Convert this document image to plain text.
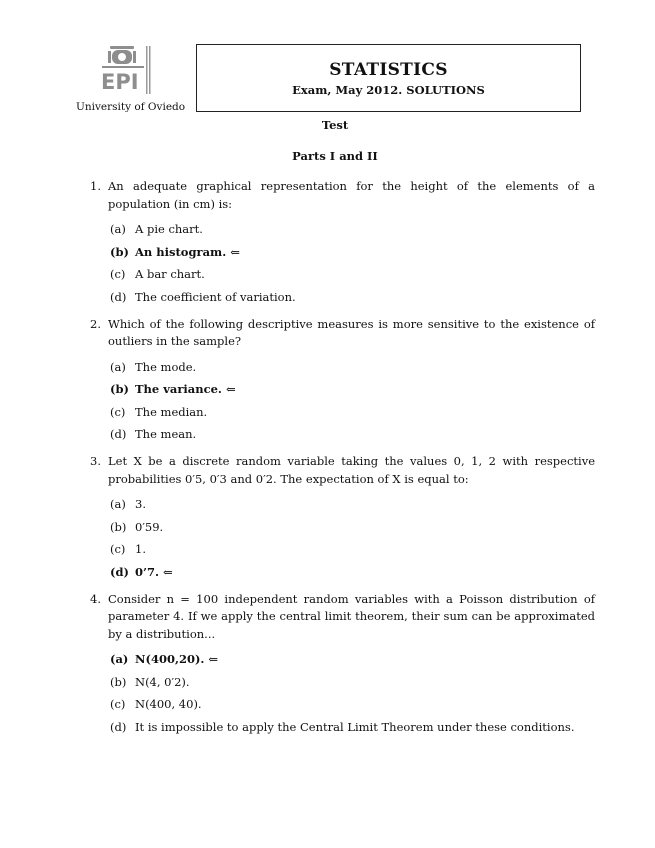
EPI
University of Oviedo
STATISTICS
Exam, May 2012. SOLUTIONS
Test
Parts I and II
1. An adequate graphical representation for the height of the elements of a population (in cm) is:
(a) A pie chart.
(b) An histogram. ⇐
(c) A bar chart.
(d) The coefficient of variation.
2. Which of the following descriptive measures is more sensitive to the existence of outliers in the sample?
(a) The mode.
(b) The variance. ⇐
(c) The median.
(d) The mean.
3. Let X be a discrete random variable taking the values 0, 1, 2 with respective probabilities 0′5, 0′3 and 0′2. The expectation of X is equal to:
(a) 3.
(b) 0′59.
(c) 1.
(d) 0’7. ⇐
4. Consider n = 100 independent random variables with a Poisson distribution of parameter 4. If we apply the central limit theorem, their sum can be approximated by a distribution...
(a) N(400,20). ⇐
(b) N(4, 0′2).
(c) N(400, 40).
(d) It is impossible to apply the Central Limit Theorem under these conditions.
